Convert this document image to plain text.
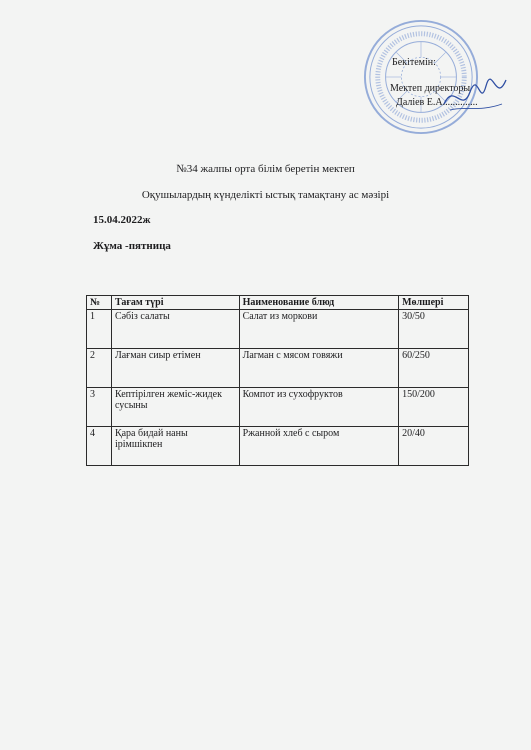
Бекітемін:
Мектеп директоры
Даліев Е.А..............
№34 жалпы орта білім беретін мектеп
Оқушылардың күнделікті ыстық тамақтану ас мәзірі
15.04.2022ж
Жұма -пятница
№	Тағам түрі	Наименование блюд	Мөлшері
1	Сәбіз салаты	Салат из моркови	30/50
2	Лағман сиыр етімен	Лагман с мясом говяжи	60/250
3	Кептірілген жеміс-жидек сусыны	Компот из сухофруктов	150/200
4	Қара бидай наны ірімшікпен	Ржанной хлеб с сыром	20/40
